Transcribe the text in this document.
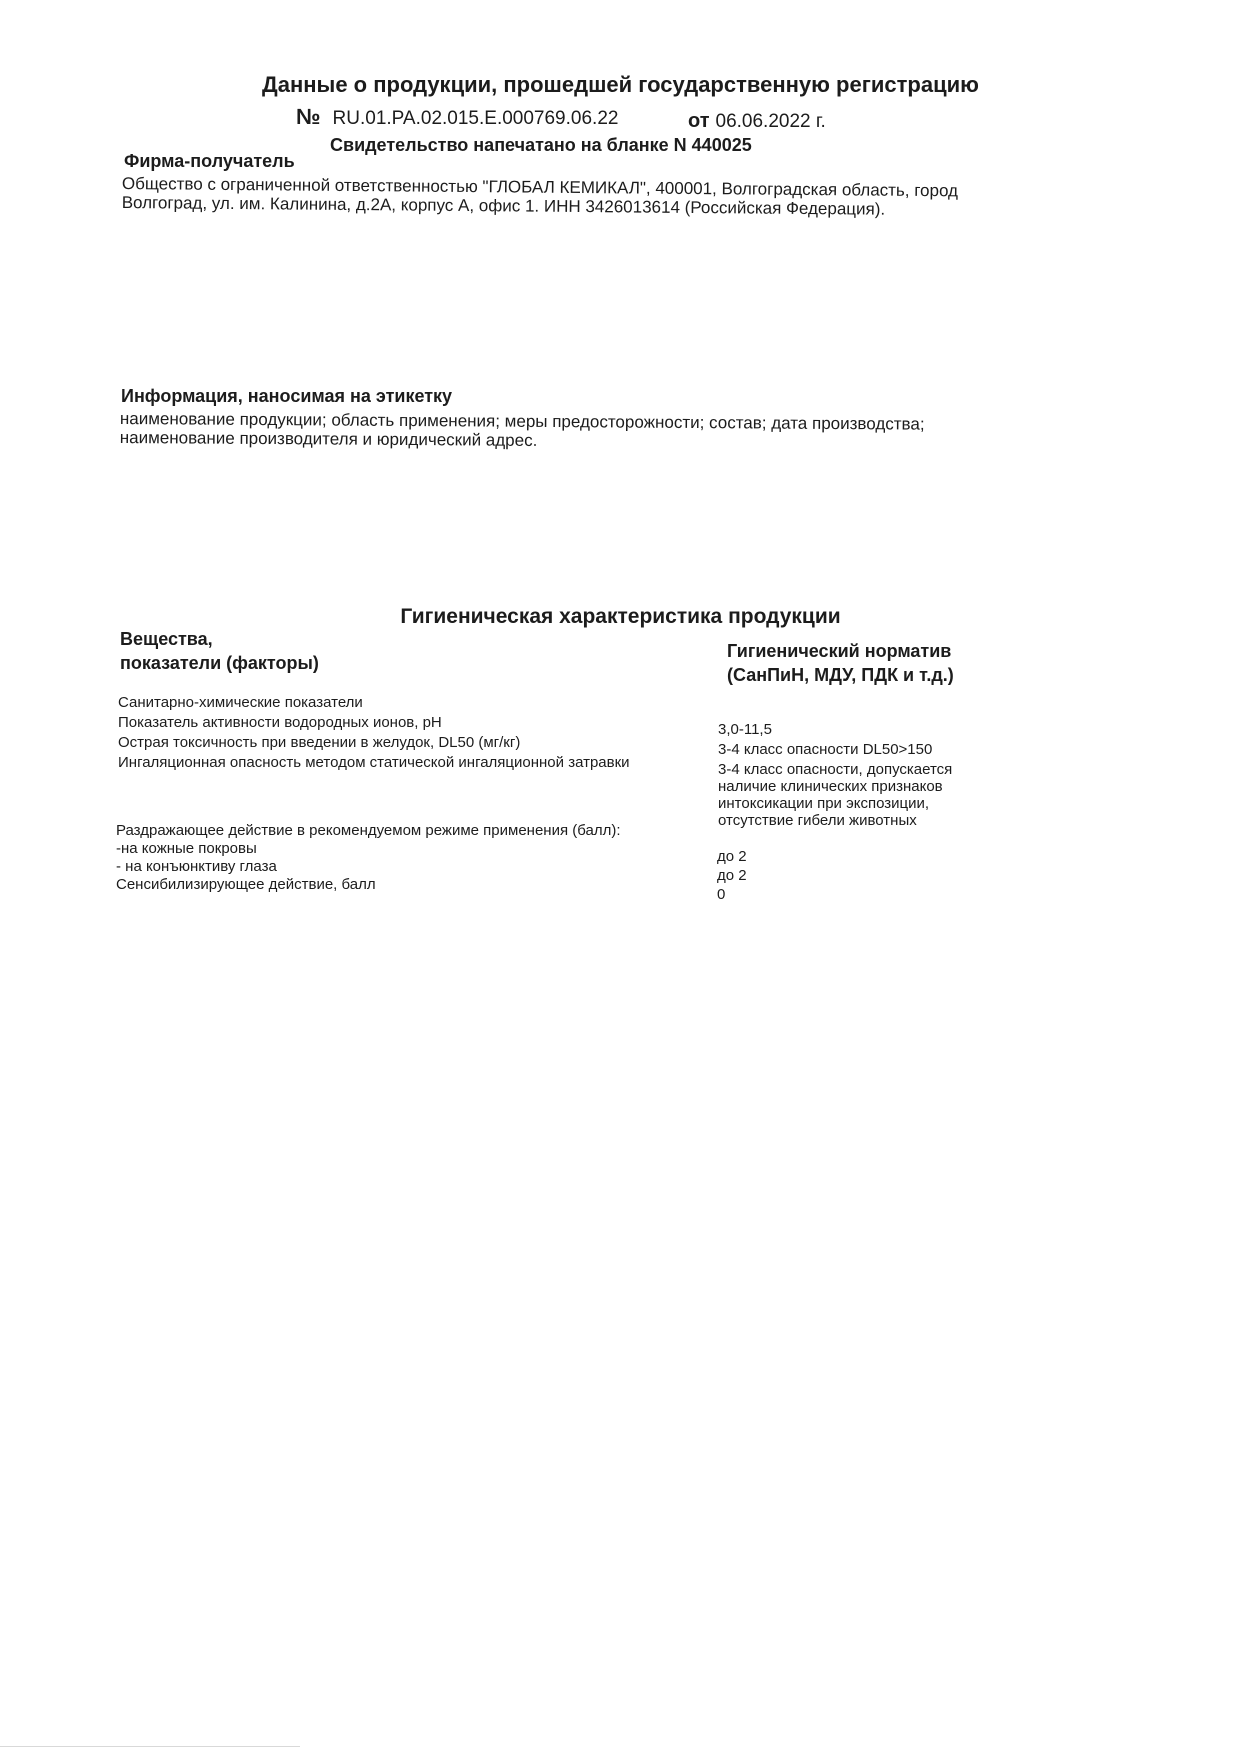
Данные о продукции, прошедшей государственную регистрацию
№ RU.01.PA.02.015.E.000769.06.22	от 06.06.2022 г.
Свидетельство напечатано на бланке N 440025
Фирма-получатель
Общество с ограниченной ответственностью "ГЛОБАЛ КЕМИКАЛ", 400001, Волгоградская область, город
Волгоград, ул. им. Калинина, д.2А, корпус А, офис 1. ИНН 3426013614 (Российская Федерация).
Информация, наносимая на этикетку
наименование продукции; область применения; меры предосторожности; состав; дата производства;
наименование производителя и юридический адрес.
Гигиеническая характеристика продукции
Вещества,
показатели (факторы)
Гигиенический норматив
(СанПиН, МДУ, ПДК и т.д.)
Санитарно-химические показатели
Показатель активности водородных ионов, pH
Острая токсичность при введении в желудок, DL50 (мг/кг)
Ингаляционная опасность методом статической ингаляционной затравки
Раздражающее действие в рекомендуемом режиме применения (балл):
-на кожные покровы
- на конъюнктиву глаза
Сенсибилизирующее действие, балл
3,0-11,5
3-4 класс опасности DL50>150
3-4 класс опасности, допускается
наличие клинических признаков
интоксикации при экспозиции,
отсутствие гибели животных
до 2
до 2
0
